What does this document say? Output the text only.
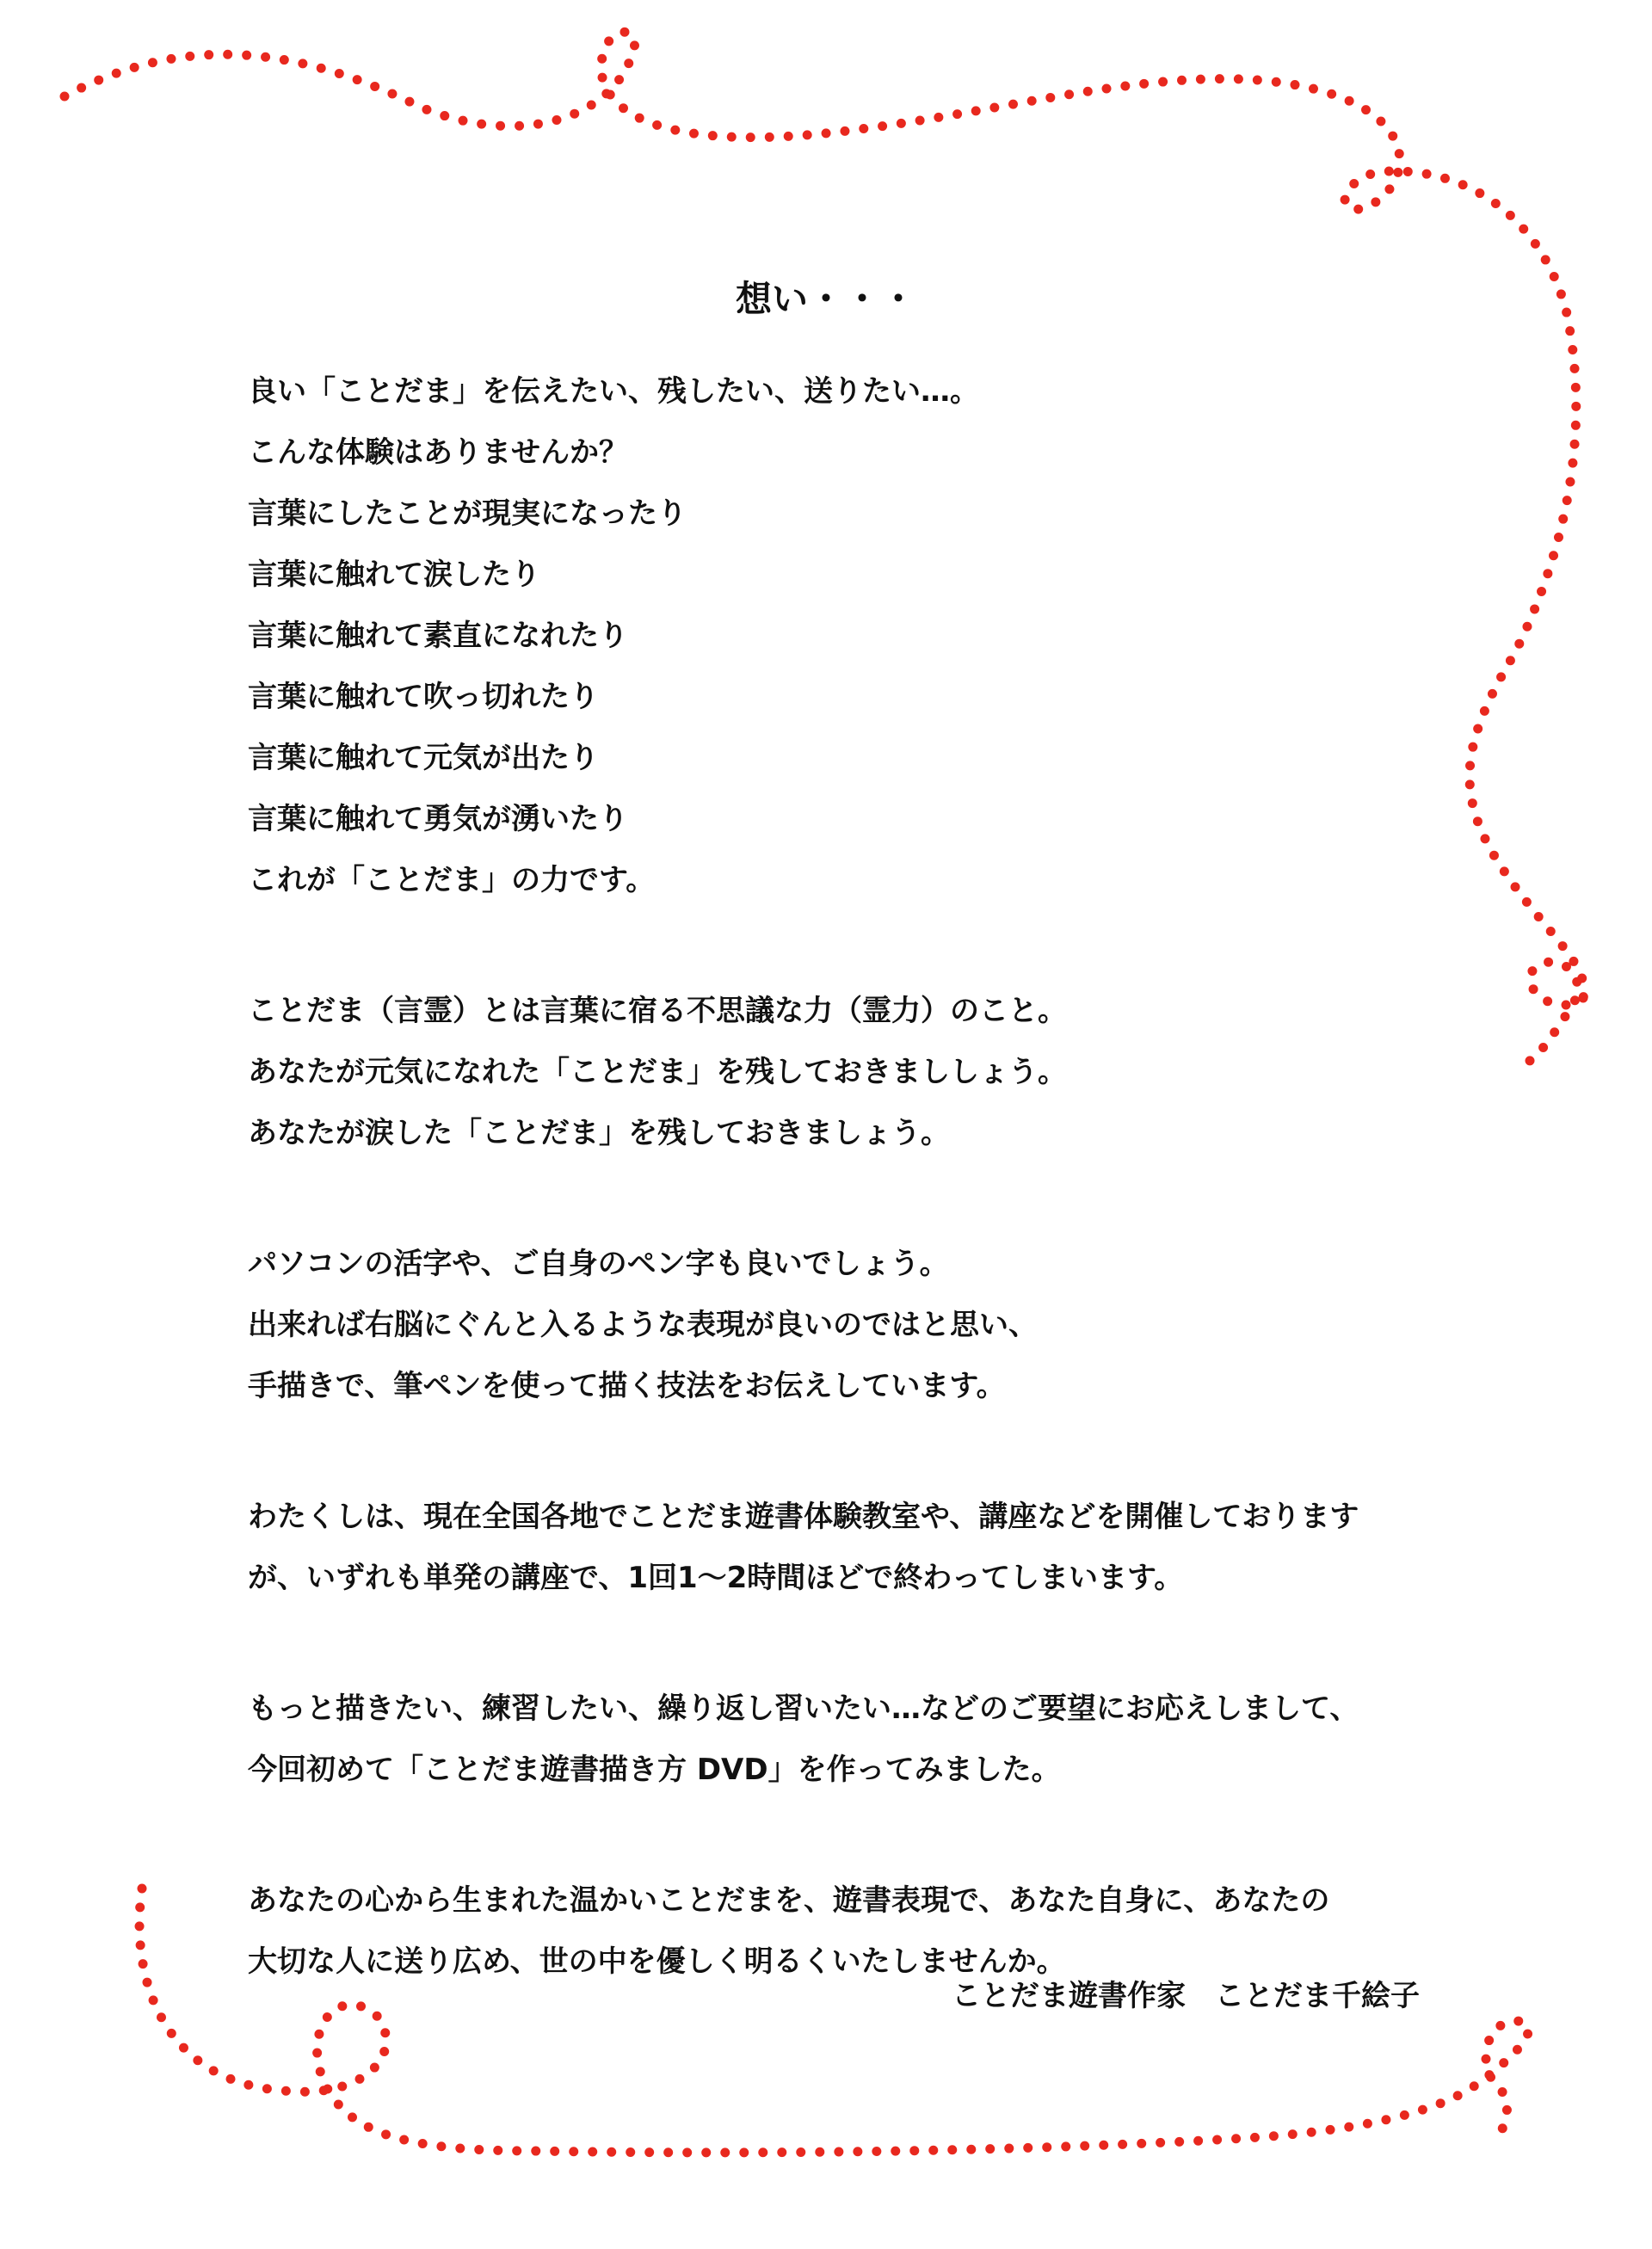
想い・・・
良い「ことだま」を伝えたい、残したい、送りたい…。
こんな体験はありませんか？
言葉にしたことが現実になったり
言葉に触れて涙したり
言葉に触れて素直になれたり
言葉に触れて吹っ切れたり
言葉に触れて元気が出たり
言葉に触れて勇気が湧いたり
これが「ことだま」の力です。
ことだま（言霊）とは言葉に宿る不思議な力（霊力）のこと。
あなたが元気になれた「ことだま」を残しておきまししょう。
あなたが涙した「ことだま」を残しておきましょう。
パソコンの活字や、ご自身のペン字も良いでしょう。
出来れば右脳にぐんと入るような表現が良いのではと思い、
手描きで、筆ペンを使って描く技法をお伝えしています。
わたくしは、現在全国各地でことだま遊書体験教室や、講座などを開催しております
が、いずれも単発の講座で、1回1～2時間ほどで終わってしまいます。
もっと描きたい、練習したい、繰り返し習いたい…などのご要望にお応えしまして、
今回初めて「ことだま遊書描き方 DVD」を作ってみました。
あなたの心から生まれた温かいことだまを、遊書表現で、あなた自身に、あなたの
大切な人に送り広め、世の中を優しく明るくいたしませんか。
ことだま遊書作家　ことだま千絵子
